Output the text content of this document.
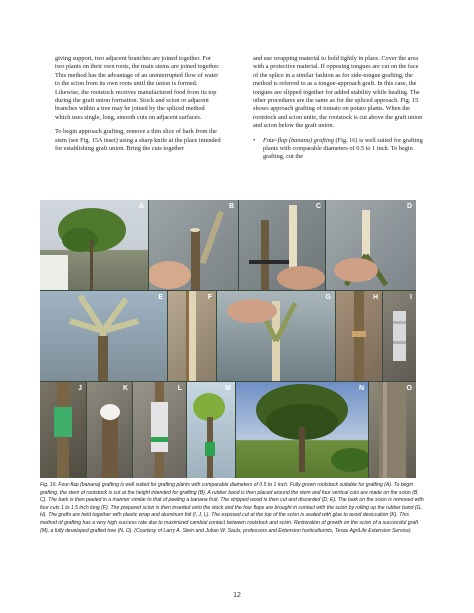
giving support, two adjacent branches are joined together. For two plants on their own roots, the main stems are joined together. This method has the advantage of an uninterrupted flow of water to the scion from its own roots until the union is formed. Likewise, the rootstock receives manufactured food from its top during the graft union formation. Stock and scion or adjacent branches within a tree may be joined by the spliced method which uses single, long, smooth cuts on adjacent surfaces.

To begin approach grafting, remove a thin slice of bark from the stem (see Fig. 15A inset) using a sharp knife at the place intended for establishing graft union. Bring the cuts together

and use wrapping material to hold tightly in place. Cover the area with a protective material. If opposing tongues are cut on the face of the splice in a similar fashion as for side-tongue grafting, the method is referred to as a tongue-approach graft. In this case, the tongues are slipped together for added stability while healing. The other procedures are the same as for the spliced approach. Fig. 15 shows approach grafting of tomato on potato plants. When the rootstock and scion unite, the rootstock is cut above the graft union and scion below the graft union.

•	Four-flap (banana) grafting (Fig. 16) is well suited for grafting plants with comparable diameters of 0.5 to 1 inch. To begin grafting, cut the
A	B	C	D
E	F	G	H	I
J	K	L	M	N	O
Fig. 16. Four-flap (banana) grafting is well suited for grafting plants with comparable diameters of 0.5 to 1 inch. Fully grown rootstock suitable for grafting (A). To begin grafting, the stem of rootstock is cut at the height intended for grafting (B). A rubber band is then placed around the stem and four vertical cuts are made on the scion (B, C). The bark is then peeled in a manner similar to that of peeling a banana fruit. The stripped wood is then cut and discarded (D, E). The bark on the scion is removed with four cuts 1 to 1.5 inch long (F). The prepared scion is then inserted onto the stock and the four flaps are brought in contact with the scion by rolling up the rubber band (G, H). The grafts are held together with plastic wrap and aluminum foil (I, J, L). The exposed cut at the top of the scion is sealed with glue to avoid desiccation (K). This method of grafting has a very high success rate due to maximized cambial contact between rootstock and scion. Restoration of growth on the scion of a successful graft (M), a fully developed grafted tree (N, O). (Courtesy of Larry A. Stein and Julian W. Sauls, professors and Extension horticulturists, Texas AgriLife Extension Service)
12
